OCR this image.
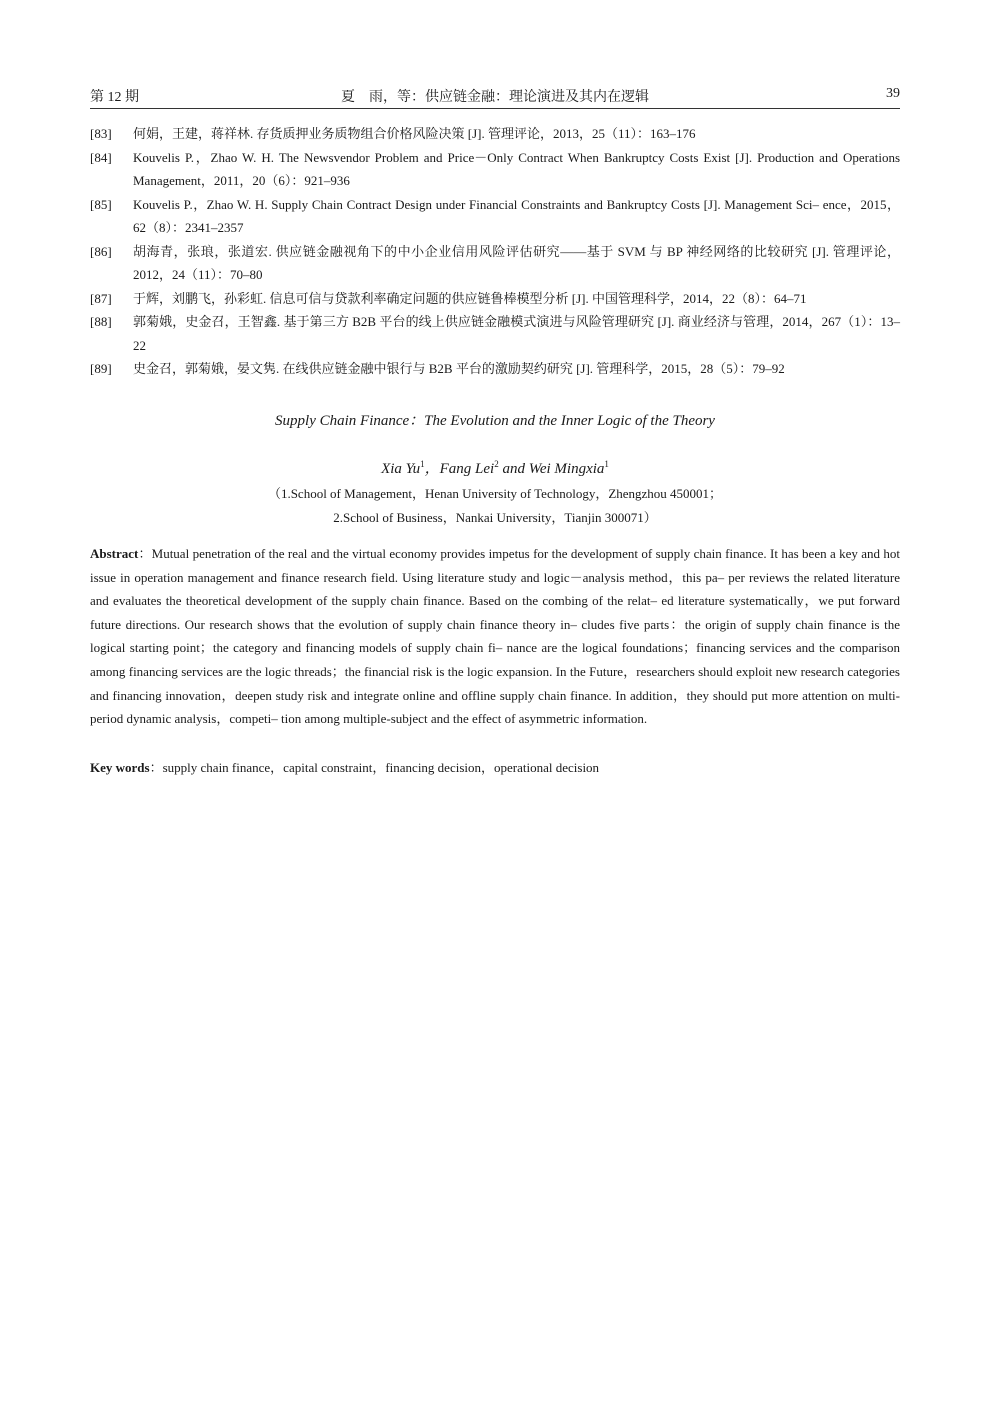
第 12 期	夏　雨，等：供应链金融：理论演进及其内在逻辑	39
[83] 何娟，王建，蒋祥林. 存货质押业务质物组合价格风险决策 [J]. 管理评论，2013，25（11）：163–176
[84] Kouvelis P.，Zhao W. H. The Newsvendor Problem and Price－Only Contract When Bankruptcy Costs Exist [J]. Production and Operations Management，2011，20（6）：921–936
[85] Kouvelis P.，Zhao W. H. Supply Chain Contract Design under Financial Constraints and Bankruptcy Costs [J]. Management Sci– ence，2015，62（8）：2341–2357
[86] 胡海青，张琅，张道宏. 供应链金融视角下的中小企业信用风险评估研究——基于 SVM 与 BP 神经网络的比较研究 [J]. 管理评论，2012，24（11）：70–80
[87] 于辉，刘鹏飞，孙彩虹. 信息可信与贷款利率确定问题的供应链鲁棒模型分析 [J]. 中国管理科学，2014，22（8）：64–71
[88] 郭菊娥，史金召，王智鑫. 基于第三方 B2B 平台的线上供应链金融模式演进与风险管理研究 [J]. 商业经济与管理，2014，267（1）：13–22
[89] 史金召，郭菊娥，晏文隽. 在线供应链金融中银行与 B2B 平台的激励契约研究 [J]. 管理科学，2015，28（5）：79–92
Supply Chain Finance：The Evolution and the Inner Logic of the Theory
Xia Yu$^1$，Fang Lei$^2$ and Wei Mingxia$^1$
（1.School of Management，Henan University of Technology，Zhengzhou 450001；
2.School of Business，Nankai University，Tianjin 300071）
Abstract：Mutual penetration of the real and the virtual economy provides impetus for the development of supply chain finance. It has been a key and hot issue in operation management and finance research field. Using literature study and logic－analysis method，this pa– per reviews the related literature and evaluates the theoretical development of the supply chain finance. Based on the combing of the relat– ed literature systematically，we put forward future directions. Our research shows that the evolution of supply chain finance theory in– cludes five parts：the origin of supply chain finance is the logical starting point；the category and financing models of supply chain fi– nance are the logical foundations；financing services and the comparison among financing services are the logic threads；the financial risk is the logic expansion. In the Future，researchers should exploit new research categories and financing innovation，deepen study risk and integrate online and offline supply chain finance. In addition，they should put more attention on multi-period dynamic analysis，competi– tion among multiple-subject and the effect of asymmetric information.
Key words：supply chain finance，capital constraint，financing decision，operational decision
